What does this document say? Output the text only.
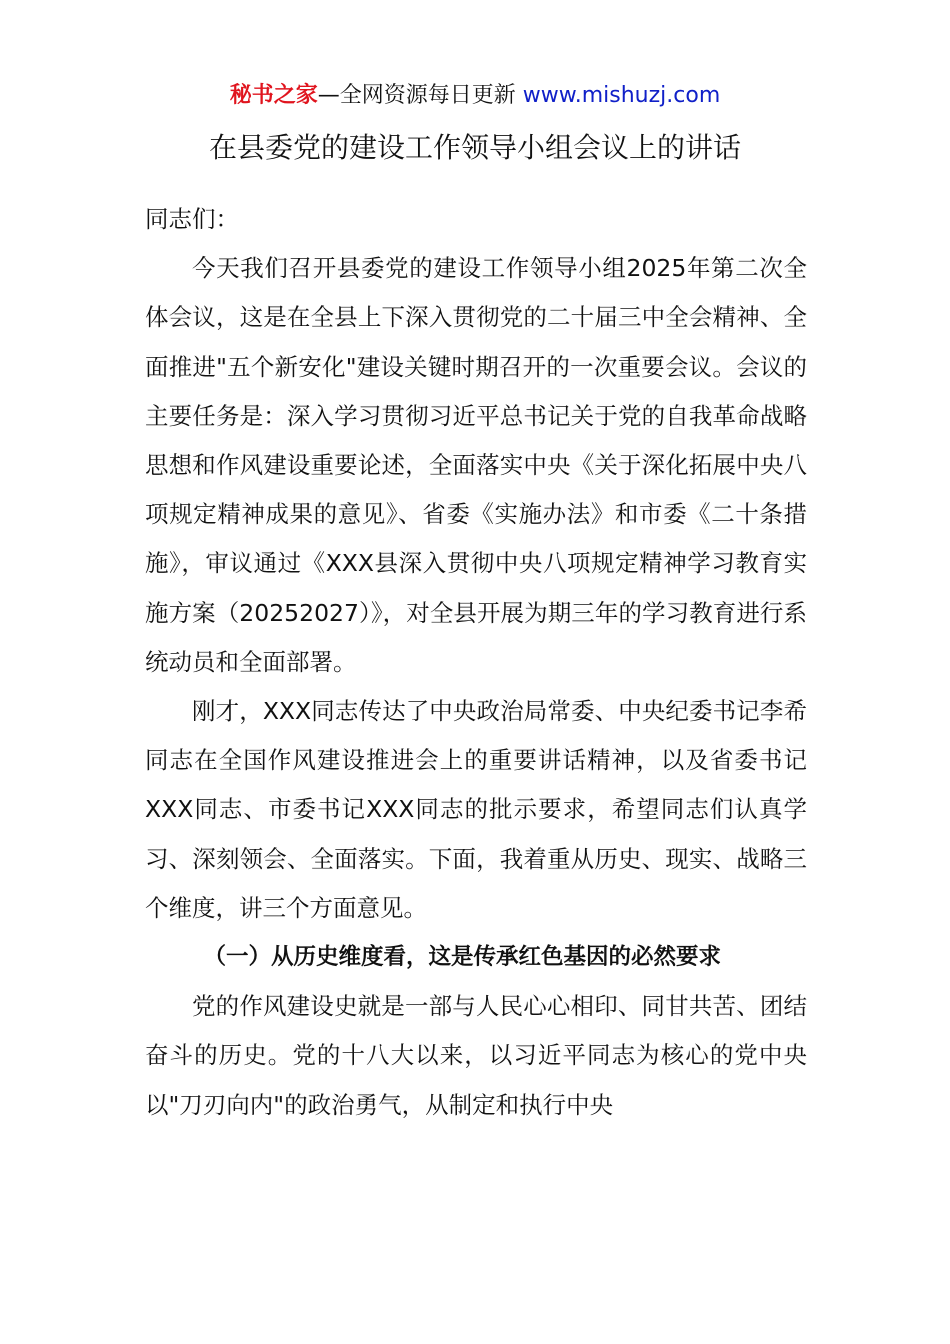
秘书之家—全网资源每日更新 www.mishuzj.com
在县委党的建设工作领导小组会议上的讲话

同志们：

今天我们召开县委党的建设工作领导小组2025年第二次全体会议，这是在全县上下深入贯彻党的二十届三中全会精神、全面推进"五个新安化"建设关键时期召开的一次重要会议。会议的主要任务是：深入学习贯彻习近平总书记关于党的自我革命战略思想和作风建设重要论述，全面落实中央《关于深化拓展中央八项规定精神成果的意见》、省委《实施办法》和市委《二十条措施》，审议通过《XXX县深入贯彻中央八项规定精神学习教育实施方案（20252027）》，对全县开展为期三年的学习教育进行系统动员和全面部署。

刚才，XXX同志传达了中央政治局常委、中央纪委书记李希同志在全国作风建设推进会上的重要讲话精神，以及省委书记XXX同志、市委书记XXX同志的批示要求，希望同志们认真学习、深刻领会、全面落实。下面，我着重从历史、现实、战略三个维度，讲三个方面意见。

（一）从历史维度看，这是传承红色基因的必然要求

党的作风建设史就是一部与人民心心相印、同甘共苦、团结奋斗的历史。党的十八大以来，以习近平同志为核心的党中央以"刀刃向内"的政治勇气，从制定和执行中央
